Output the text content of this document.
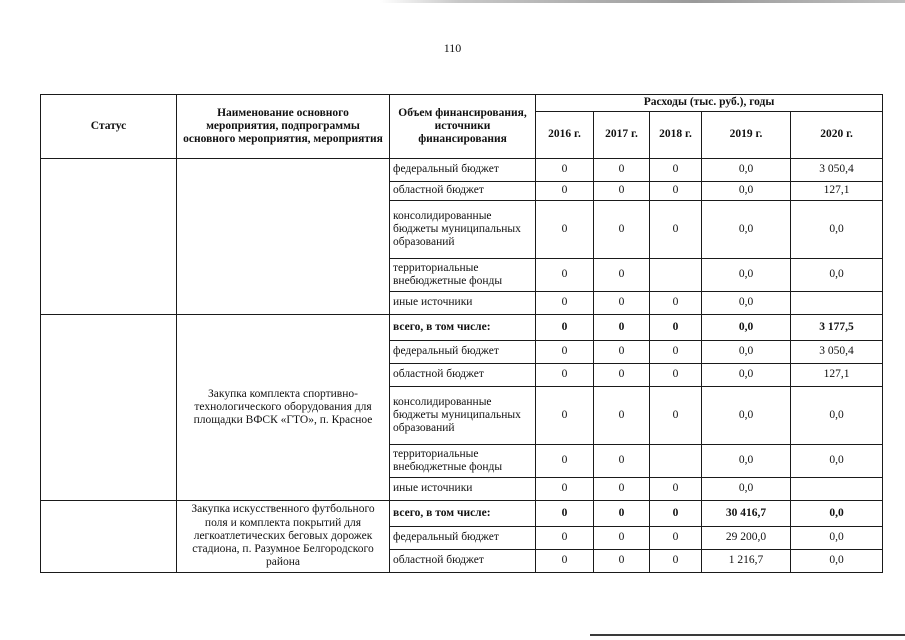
110
Статус	Наименование основного мероприятия, подпрограммы основного мероприятия, мероприятия	Объем финансирования, источники финансирования	Расходы (тыс. руб.), годы				
			2016 г.	2017 г.	2018 г.	2019 г.	2020 г.
		федеральный бюджет	0	0	0	0,0	3 050,4
		областной бюджет	0	0	0	0,0	127,1
		консолидированные бюджеты муниципальных образований	0	0	0	0,0	0,0
		территориальные внебюджетные фонды	0	0		0,0	0,0
		иные источники	0	0	0	0,0	
	Закупка комплекта спортивно-технологического оборудования для площадки ВФСК «ГТО», п. Красное	всего, в том числе:	0	0	0	0,0	3 177,5
		федеральный бюджет	0	0	0	0,0	3 050,4
		областной бюджет	0	0	0	0,0	127,1
		консолидированные бюджеты муниципальных образований	0	0	0	0,0	0,0
		территориальные внебюджетные фонды	0	0		0,0	0,0
		иные источники	0	0	0	0,0	
	Закупка искусственного футбольного поля и комплекта покрытий для легкоатлетических беговых дорожек стадиона, п. Разумное Белгородского района	всего, в том числе:	0	0	0	30 416,7	0,0
		федеральный бюджет	0	0	0	29 200,0	0,0
		областной бюджет	0	0	0	1 216,7	0,0
